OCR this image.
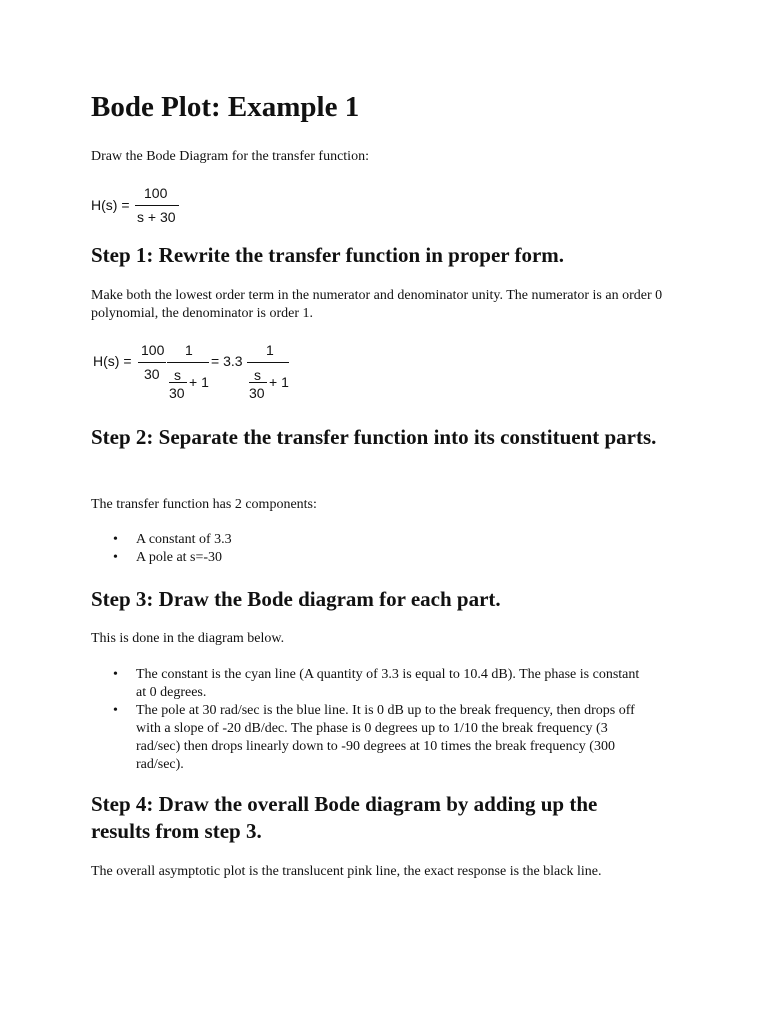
Bode Plot: Example 1

Draw the Bode Diagram for the transfer function:

H(s) =
100
s + 30
Step 1: Rewrite the transfer function in proper form.

Make both the lowest order term in the numerator and denominator unity. The numerator is an order 0 polynomial, the denominator is order 1.

H(s) =
100
30
1
s
30
+ 1
= 3.3
1
s
30
+ 1
Step 2: Separate the transfer function into its constituent parts.

The transfer function has 2 components:

• A constant of 3.3
• A pole at s=-30
Step 3: Draw the Bode diagram for each part.

This is done in the diagram below.

• The constant is the cyan line (A quantity of 3.3 is equal to 10.4 dB). The phase is constant at 0 degrees.
• The pole at 30 rad/sec is the blue line. It is 0 dB up to the break frequency, then drops off with a slope of -20 dB/dec. The phase is 0 degrees up to 1/10 the break frequency (3 rad/sec) then drops linearly down to -90 degrees at 10 times the break frequency (300 rad/sec).
Step 4: Draw the overall Bode diagram by adding up the results from step 3.

The overall asymptotic plot is the translucent pink line, the exact response is the black line.
